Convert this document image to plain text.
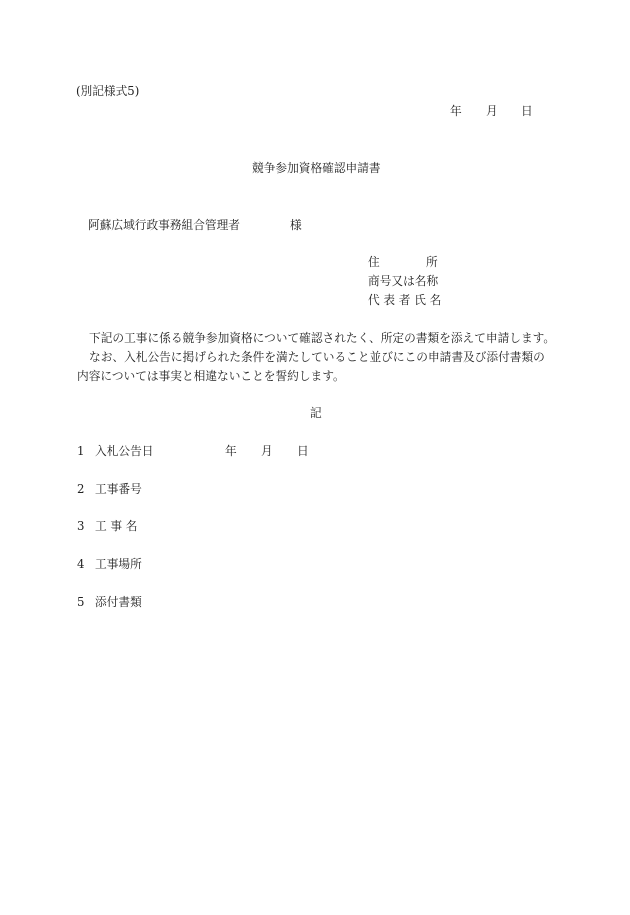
(別記様式5)
年 月 日
競争参加資格確認申請書
阿蘇広域行政事務組合管理者	様
住	所
商号又は名称
代 表 者 氏 名
下記の工事に係る競争参加資格について確認されたく、所定の書類を添えて申請します。
なお、入札公告に掲げられた条件を満たしていること並びにこの申請書及び添付書類の
内容については事実と相違ないことを誓約します。
記
1 入札公告日	年 月 日
2 工事番号
3 工 事 名
4 工事場所
5 添付書類
